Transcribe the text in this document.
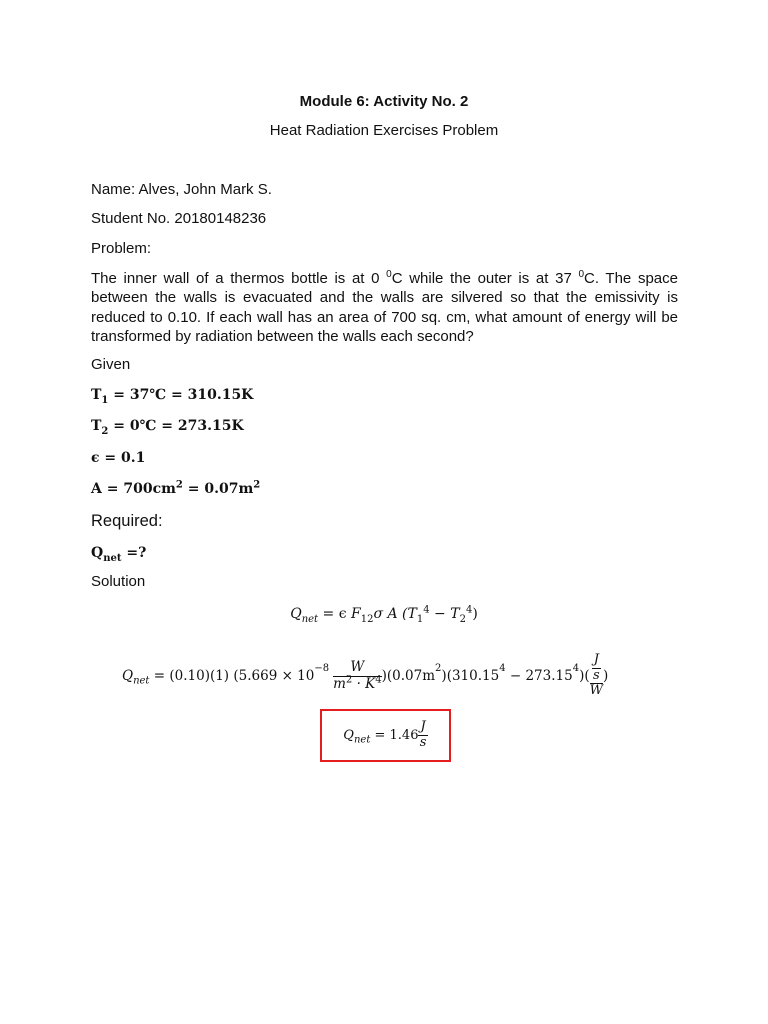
Module 6: Activity No. 2
Heat Radiation Exercises Problem
Name: Alves, John Mark S.
Student No. 20180148236
Problem:
The inner wall of a thermos bottle is at 0 $^0$C while the outer is at 37 $^0$C. The space between the walls is evacuated and the walls are silvered so that the emissivity is reduced to 0.10. If each wall has an area of 700 sq. cm, what amount of energy will be transformed by radiation between the walls each second?
Given
$T_1$ = 37℃ = 310.15K
$T_2$ = 0℃ = 273.15K
ϵ = 0.1
$A = 700cm^2 = 0.07m^2$
Required:
$Q_{net}$ =?
Solution
$Q_{net} = \epsilon$ $F_{12}\sigma$ A $(T_1^4 - T_2^4)$
$Q_{net} = (0.10)(1) (5.669 \times 10^{-8} \frac{W}{m^2 \cdot K^4} )(0.07m^2$ )($310.15^4 - 273.15^4$ )( $\frac{\frac{J}{s}}{W}$ )
$Q_{net} = 1.46 \frac{J}{s}$
